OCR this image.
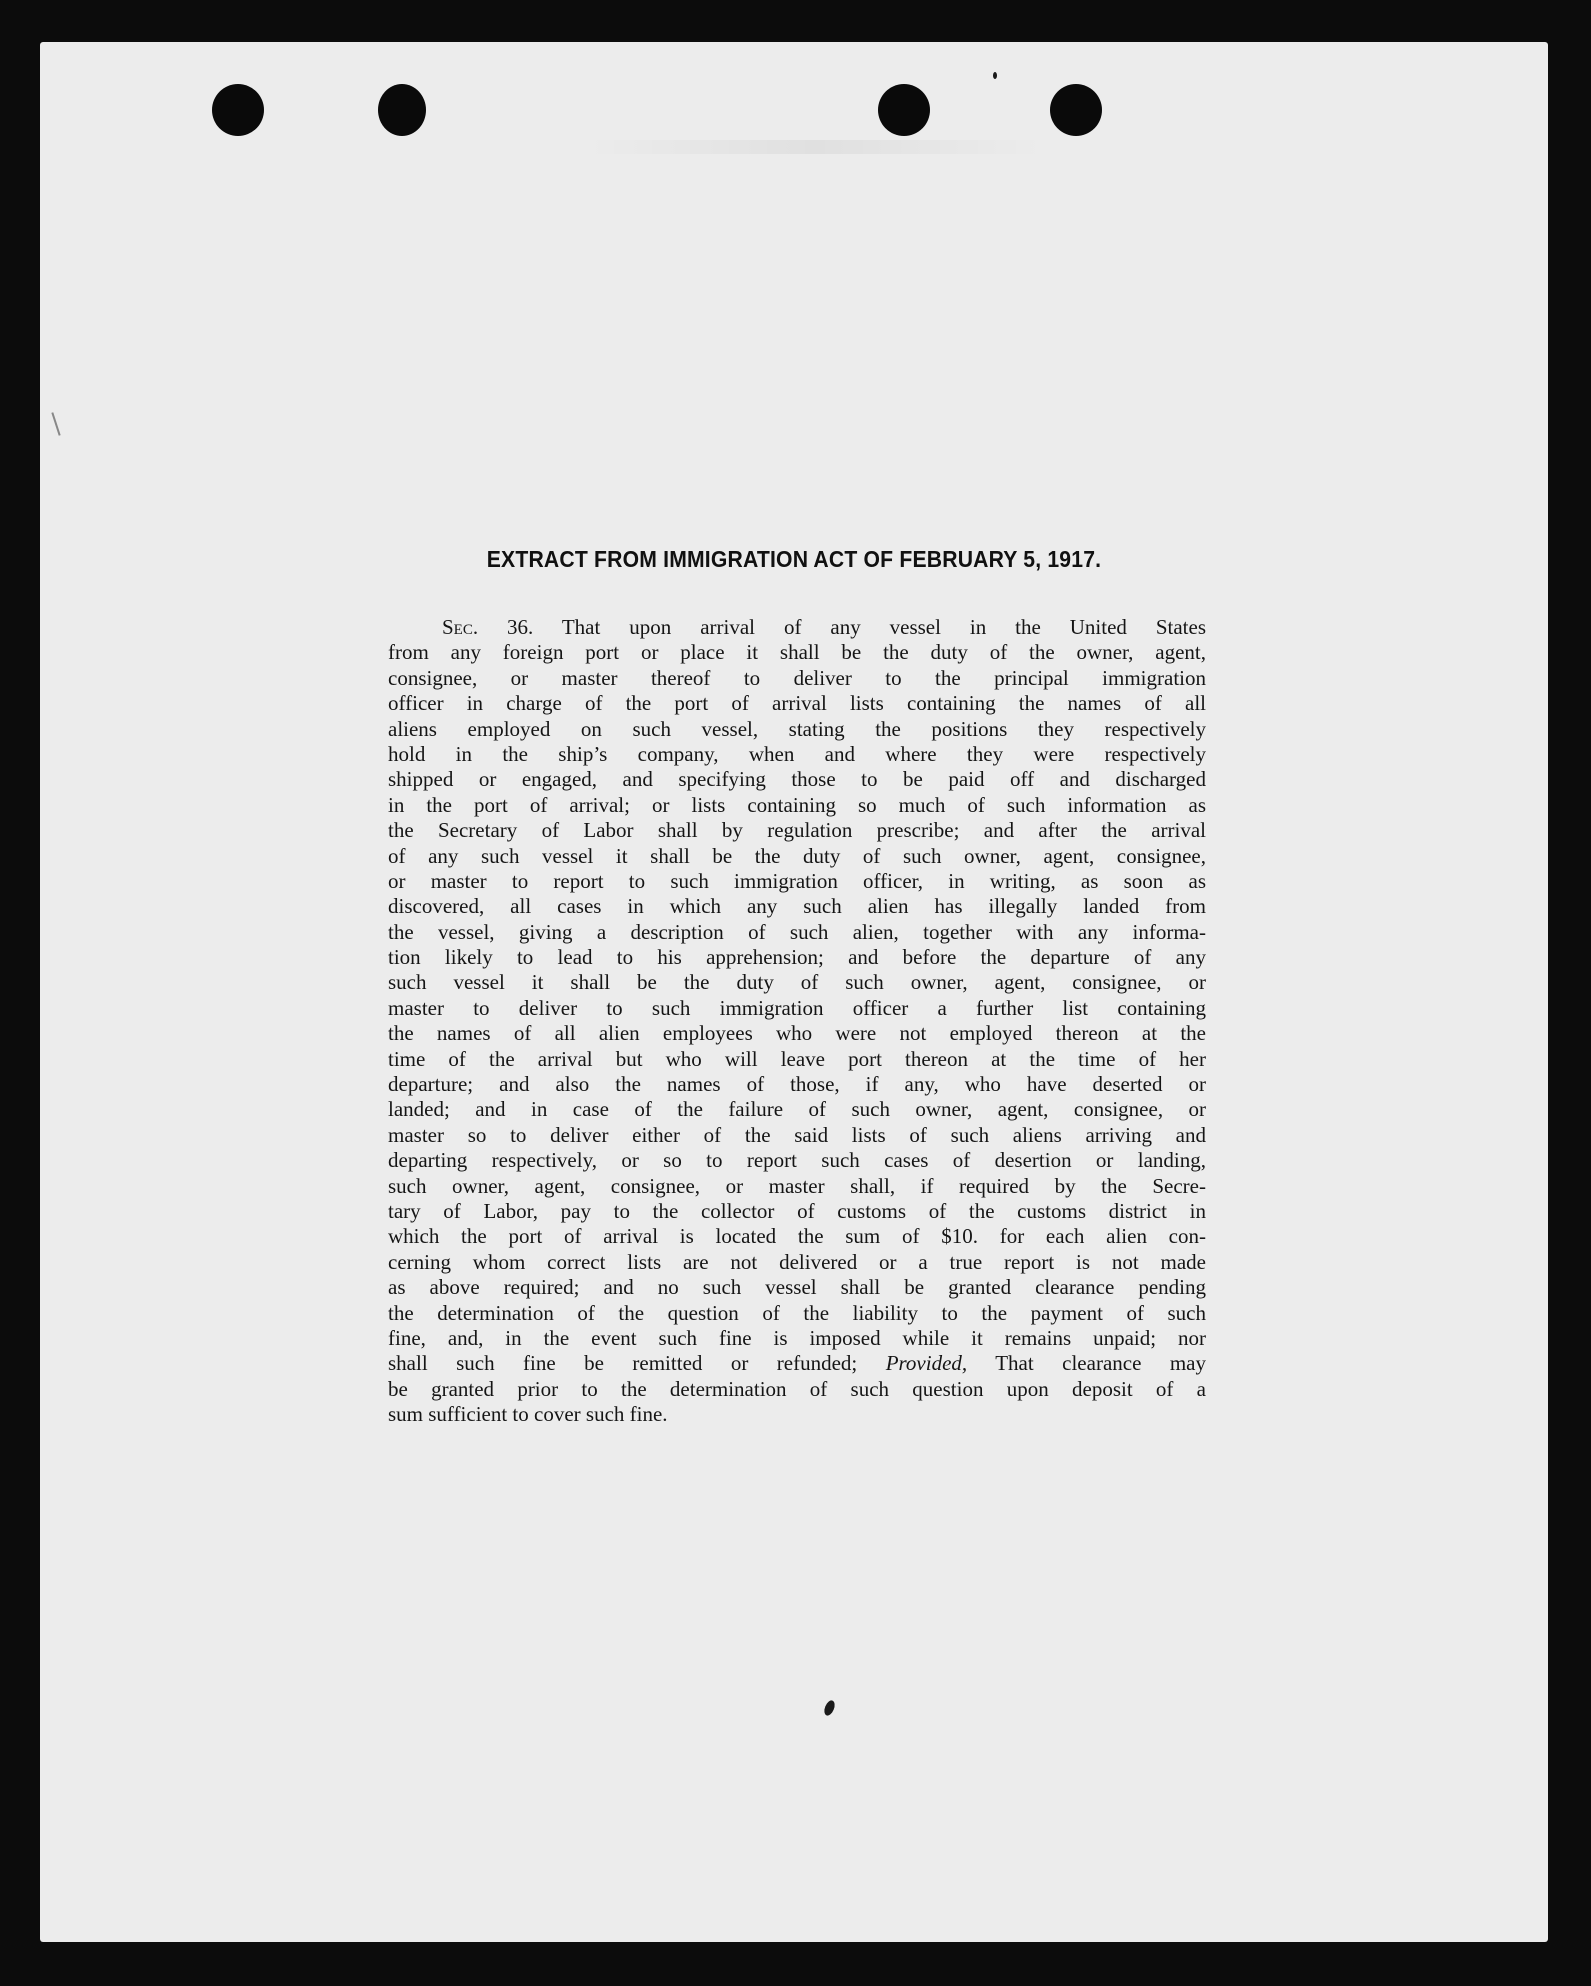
EXTRACT FROM IMMIGRATION ACT OF FEBRUARY 5, 1917.
Sec. 36. That upon arrival of any vessel in the United States
from any foreign port or place it shall be the duty of the owner, agent,
consignee, or master thereof to deliver to the principal immigration
officer in charge of the port of arrival lists containing the names of all
aliens employed on such vessel, stating the positions they respectively
hold in the ship’s company, when and where they were respectively
shipped or engaged, and specifying those to be paid off and discharged
in the port of arrival; or lists containing so much of such information as
the Secretary of Labor shall by regulation prescribe; and after the arrival
of any such vessel it shall be the duty of such owner, agent, consignee,
or master to report to such immigration officer, in writing, as soon as
discovered, all cases in which any such alien has illegally landed from
the vessel, giving a description of such alien, together with any informa-
tion likely to lead to his apprehension; and before the departure of any
such vessel it shall be the duty of such owner, agent, consignee, or
master to deliver to such immigration officer a further list containing
the names of all alien employees who were not employed thereon at the
time of the arrival but who will leave port thereon at the time of her
departure; and also the names of those, if any, who have deserted or
landed; and in case of the failure of such owner, agent, consignee, or
master so to deliver either of the said lists of such aliens arriving and
departing respectively, or so to report such cases of desertion or landing,
such owner, agent, consignee, or master shall, if required by the Secre-
tary of Labor, pay to the collector of customs of the customs district in
which the port of arrival is located the sum of $10. for each alien con-
cerning whom correct lists are not delivered or a true report is not made
as above required; and no such vessel shall be granted clearance pending
the determination of the question of the liability to the payment of such
fine, and, in the event such fine is imposed while it remains unpaid; nor
shall such fine be remitted or refunded; Provided, That clearance may
be granted prior to the determination of such question upon deposit of a
sum sufficient to cover such fine.
